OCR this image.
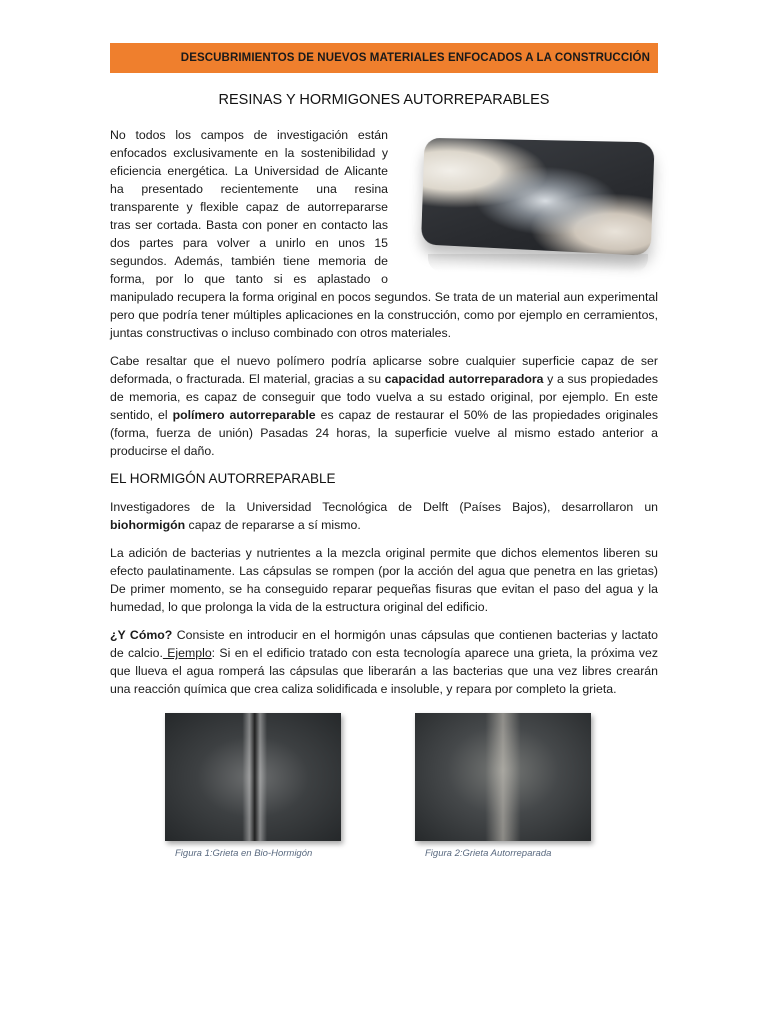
DESCUBRIMIENTOS DE NUEVOS MATERIALES ENFOCADOS A LA CONSTRUCCIÓN
RESINAS Y HORMIGONES AUTORREPARABLES

No todos los campos de investigación están enfocados exclusivamente en la sostenibilidad y eficiencia energética. La Universidad de Alicante ha presentado recientemente una resina transparente y flexible capaz de autorrepararse tras ser cortada. Basta con poner en contacto las dos partes para volver a unirlo en unos 15 segundos. Además, también tiene memoria de forma, por lo que tanto si es aplastado o manipulado recupera la forma original en pocos segundos. Se trata de un material aun experimental pero que podría tener múltiples aplicaciones en la construcción, como por ejemplo en cerramientos, juntas constructivas o incluso combinado con otros materiales.

Cabe resaltar que el nuevo polímero podría aplicarse sobre cualquier superficie capaz de ser deformada, o fracturada. El material, gracias a su capacidad autorreparadora y a sus propiedades de memoria, es capaz de conseguir que todo vuelva a su estado original, por ejemplo. En este sentido, el polímero autorreparable es capaz de restaurar el 50% de las propiedades originales (forma, fuerza de unión) Pasadas 24 horas, la superficie vuelve al mismo estado anterior a producirse el daño.

EL HORMIGÓN AUTORREPARABLE

Investigadores de la Universidad Tecnológica de Delft (Países Bajos), desarrollaron un biohormigón capaz de repararse a sí mismo.

La adición de bacterias y nutrientes a la mezcla original permite que dichos elementos liberen su efecto paulatinamente. Las cápsulas se rompen (por la acción del agua que penetra en las grietas) De primer momento, se ha conseguido reparar pequeñas fisuras que evitan el paso del agua y la humedad, lo que prolonga la vida de la estructura original del edificio.

¿Y Cómo? Consiste en introducir en el hormigón unas cápsulas que contienen bacterias y lactato de calcio. Ejemplo: Si en el edificio tratado con esta tecnología aparece una grieta, la próxima vez que llueva el agua romperá las cápsulas que liberarán a las bacterias que una vez libres crearán una reacción química que crea caliza solidificada e insoluble, y repara por completo la grieta.

Figura 1:Grieta en Bio-Hormigón	Figura 2:Grieta Autorreparada
